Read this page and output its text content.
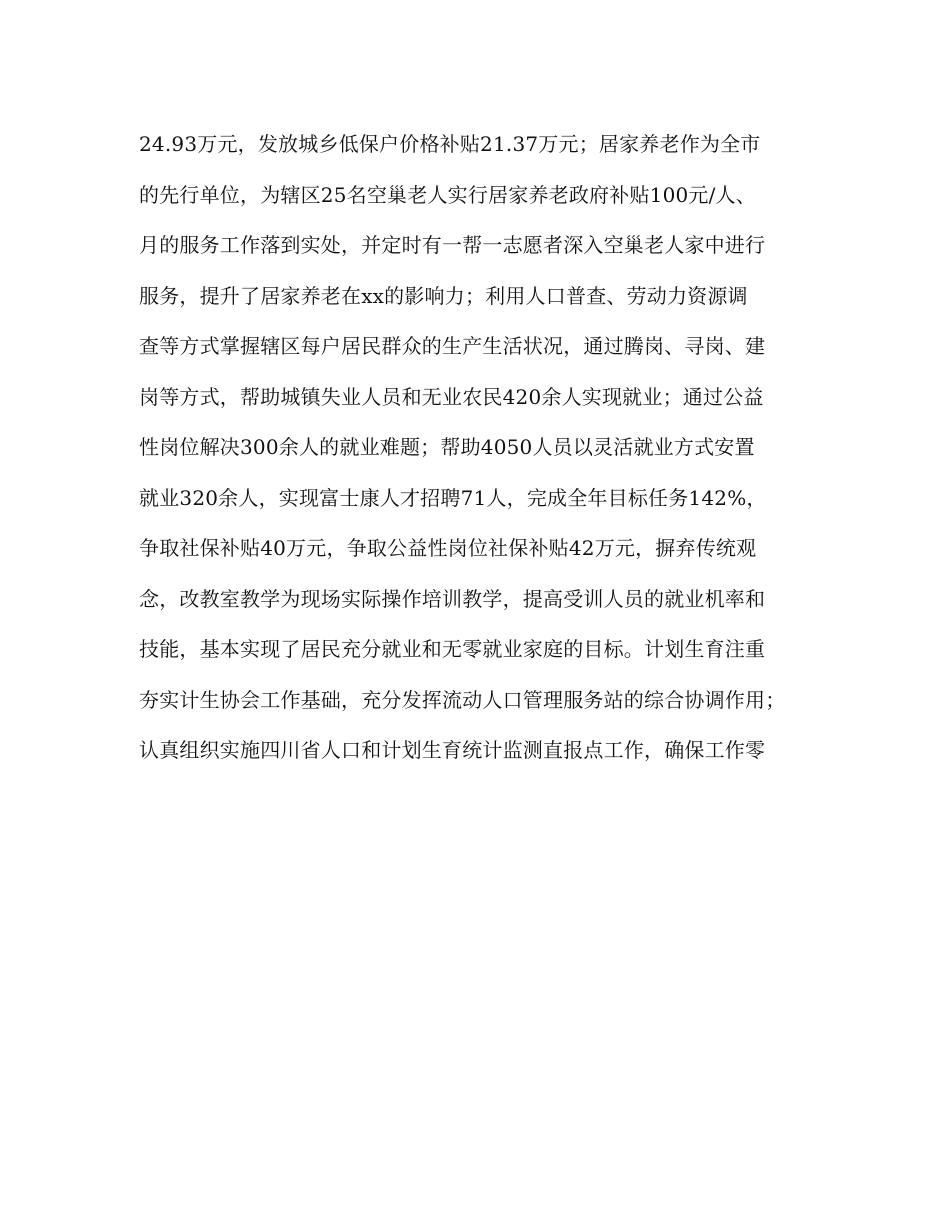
24.93万元，发放城乡低保户价格补贴21.37万元；居家养老作为全市
的先行单位，为辖区25名空巢老人实行居家养老政府补贴100元/人、
月的服务工作落到实处，并定时有一帮一志愿者深入空巢老人家中进行
服务，提升了居家养老在xx的影响力；利用人口普查、劳动力资源调
查等方式掌握辖区每户居民群众的生产生活状况，通过腾岗、寻岗、建
岗等方式，帮助城镇失业人员和无业农民420余人实现就业；通过公益
性岗位解决300余人的就业难题；帮助4050人员以灵活就业方式安置
就业320余人，实现富士康人才招聘71人，完成全年目标任务142%，
争取社保补贴40万元，争取公益性岗位社保补贴42万元，摒弃传统观
念，改教室教学为现场实际操作培训教学，提高受训人员的就业机率和
技能，基本实现了居民充分就业和无零就业家庭的目标。计划生育注重
夯实计生协会工作基础，充分发挥流动人口管理服务站的综合协调作用；
认真组织实施四川省人口和计划生育统计监测直报点工作，确保工作零
